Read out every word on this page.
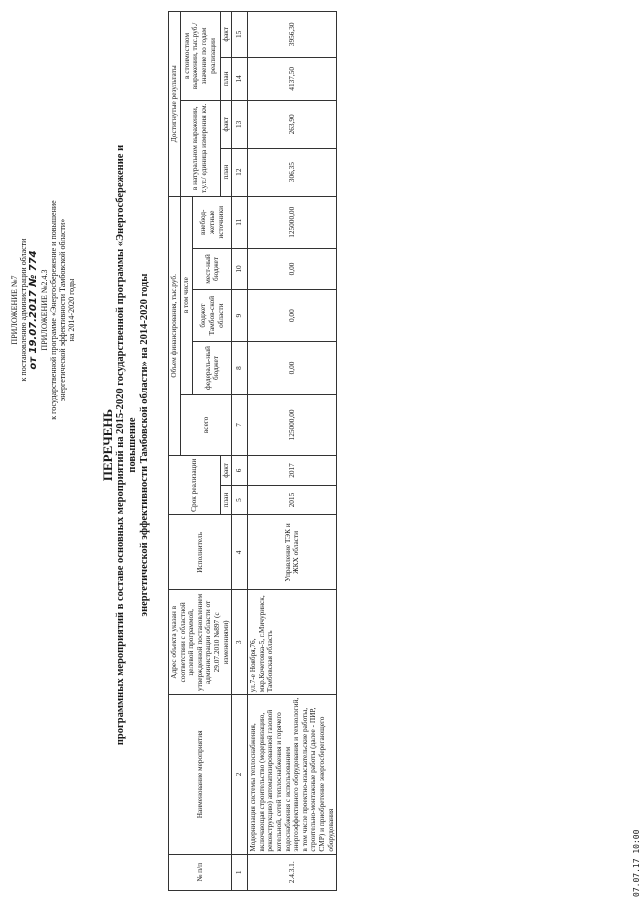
ПРИЛОЖЕНИЕ №7 к постановлению администрации области от 19.07.2017 № 774 ПРИЛОЖЕНИЕ №2.4.3 к государственной программе «Энергосбережение и повышение энергетической эффективности Тамбовской области» на 2014-2020 годы
ПЕРЕЧЕНЬ программных мероприятий в составе основных мероприятий на 2015-2020 государственной программы «Энергосбережение и повышение энергетической эффективности Тамбовской области» на 2014-2020 годы
№ п/п	Наименование мероприятия	Адрес объекта указан в соответствии с областной целевой программой, утвержденной постановлением администрации области от 29.07.2010 №897 (с изменениями)	Исполнитель	Срок реализации		Объем финансирования, тыс.руб.					Достигнутые результаты			
						всего	в том числе				в натуральном выражении, т.у.т./ единица измерения км.		в стоимостном выражении, тыс.руб./ значение по годам реализации	
							федераль-ный бюджет	бюджет Тамбов-ской области	мест-ный бюджет	внебюд-жетные источники				
				план	факт						план	факт	план	факт
1	2	3	4	5	6	7	8	9	10	11	12	13	14	15
2.4.3.1.	Модернизация системы теплоснабжения, включающая строительство (модернизацию, реконструкцию) автоматизированной газовой котельной, сетей теплоснабжения и горячего водоснабжения с использованием энергоэффективного оборудования и технологий, в том числе проектно-изыскательские работы, строительно-монтажные работы (далее - ПИР, СМР) и приобретение энергосберегающего оборудования	ул.7-е Ноября,76, мкр.Кочетовка-5, г.Мичуринск, Тамбовская область	Управление ТЭК и ЖКХ области	2015	2017	125000,00	0,00	0,00	0,00	125000,00	306,35	263,90	4137,50	3956,30
07.07.17 10:00
